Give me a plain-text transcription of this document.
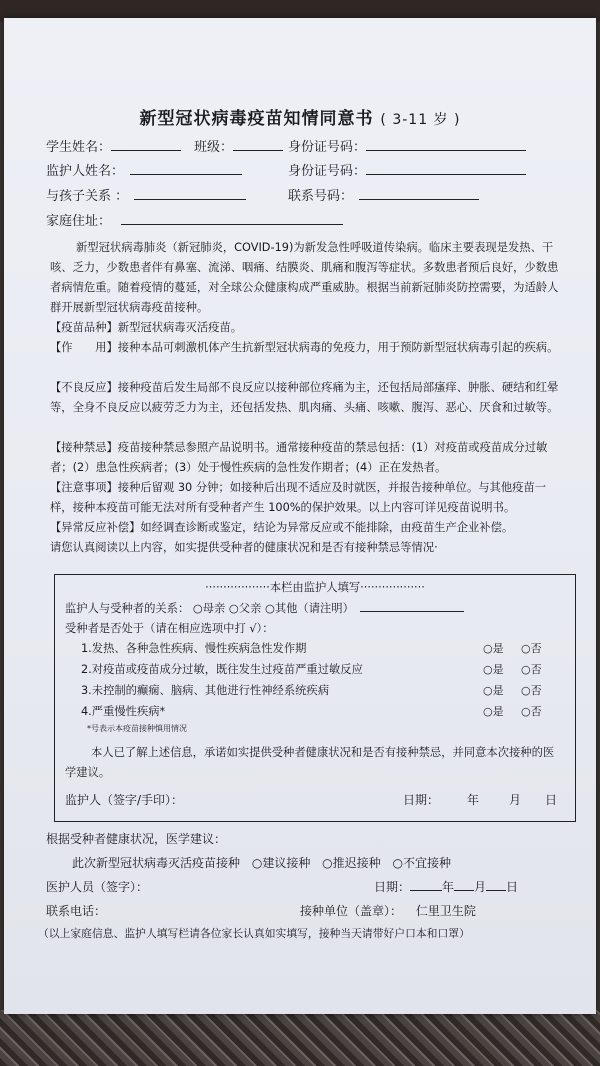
新型冠状病毒疫苗知情同意书 ( 3-11 岁 )
学生姓名：	班级：	身份证号码：
监护人姓名：	身份证号码：
与孩子关系 ：	联系号码：
家庭住址：
新型冠状病毒肺炎（新冠肺炎，COVID-19)为新发急性呼吸道传染病。临床主要表现是发热、干咳、乏力，少数患者伴有鼻塞、流涕、咽痛、结膜炎、肌痛和腹泻等症状。多数患者预后良好，少数患者病情危重。随着疫情的蔓延，对全球公众健康构成严重威胁。根据当前新冠肺炎防控需要，为适龄人群开展新型冠状病毒疫苗接种。
【疫苗品种】新型冠状病毒灭活疫苗。
【作　　用】接种本品可刺激机体产生抗新型冠状病毒的免疫力，用于预防新型冠状病毒引起的疾病。
【不良反应】接种疫苗后发生局部不良反应以接种部位疼痛为主，还包括局部瘙痒、肿胀、硬结和红晕等，全身不良反应以疲劳乏力为主，还包括发热、肌肉痛、头痛、咳嗽、腹泻、恶心、厌食和过敏等。
【接种禁忌】疫苗接种禁忌参照产品说明书。通常接种疫苗的禁忌包括：(1）对疫苗或疫苗成分过敏者；(2）患急性疾病者；(3）处于慢性疾病的急性发作期者；(4）正在发热者。
【注意事项】接种后留观 30 分钟；如接种后出现不适应及时就医，并报告接种单位。与其他疫苗一样，接种本疫苗可能无法对所有受种者产生 100%的保护效果。以上内容可详见疫苗说明书。
【异常反应补偿】如经调查诊断或鉴定，结论为异常反应或不能排除，由疫苗生产企业补偿。
请您认真阅读以上内容，如实提供受种者的健康状况和是否有接种禁忌等情况·
··················本栏由监护人填写··················
监护人与受种者的关系： ○母亲 ○父亲 ○其他（请注明）
受种者是否处于（请在相应选项中打 √）：
1.发热、各种急性疾病、慢性疾病急性发作期	○是 ○否
2.对疫苗或疫苗成分过敏，既往发生过疫苗严重过敏反应	○是 ○否
3.未控制的癫痫、脑病、其他进行性神经系统疾病	○是 ○否
4.严重慢性疾病*	○是 ○否
*号表示本疫苗接种慎用情况
本人已了解上述信息，承诺如实提供受种者健康状况和是否有接种禁忌，并同意本次接种的医学建议。
监护人（签字/手印）：	日期： 年 月 日
根据受种者健康状况，医学建议：
此次新型冠状病毒灭活疫苗接种 ○建议接种 ○推迟接种 ○不宜接种
医护人员（签字）：	日期：	年 月 日
联系电话：	接种单位（盖章）： 仁里卫生院
（以上家庭信息、监护人填写栏请各位家长认真如实填写，接种当天请带好户口本和口罩）
